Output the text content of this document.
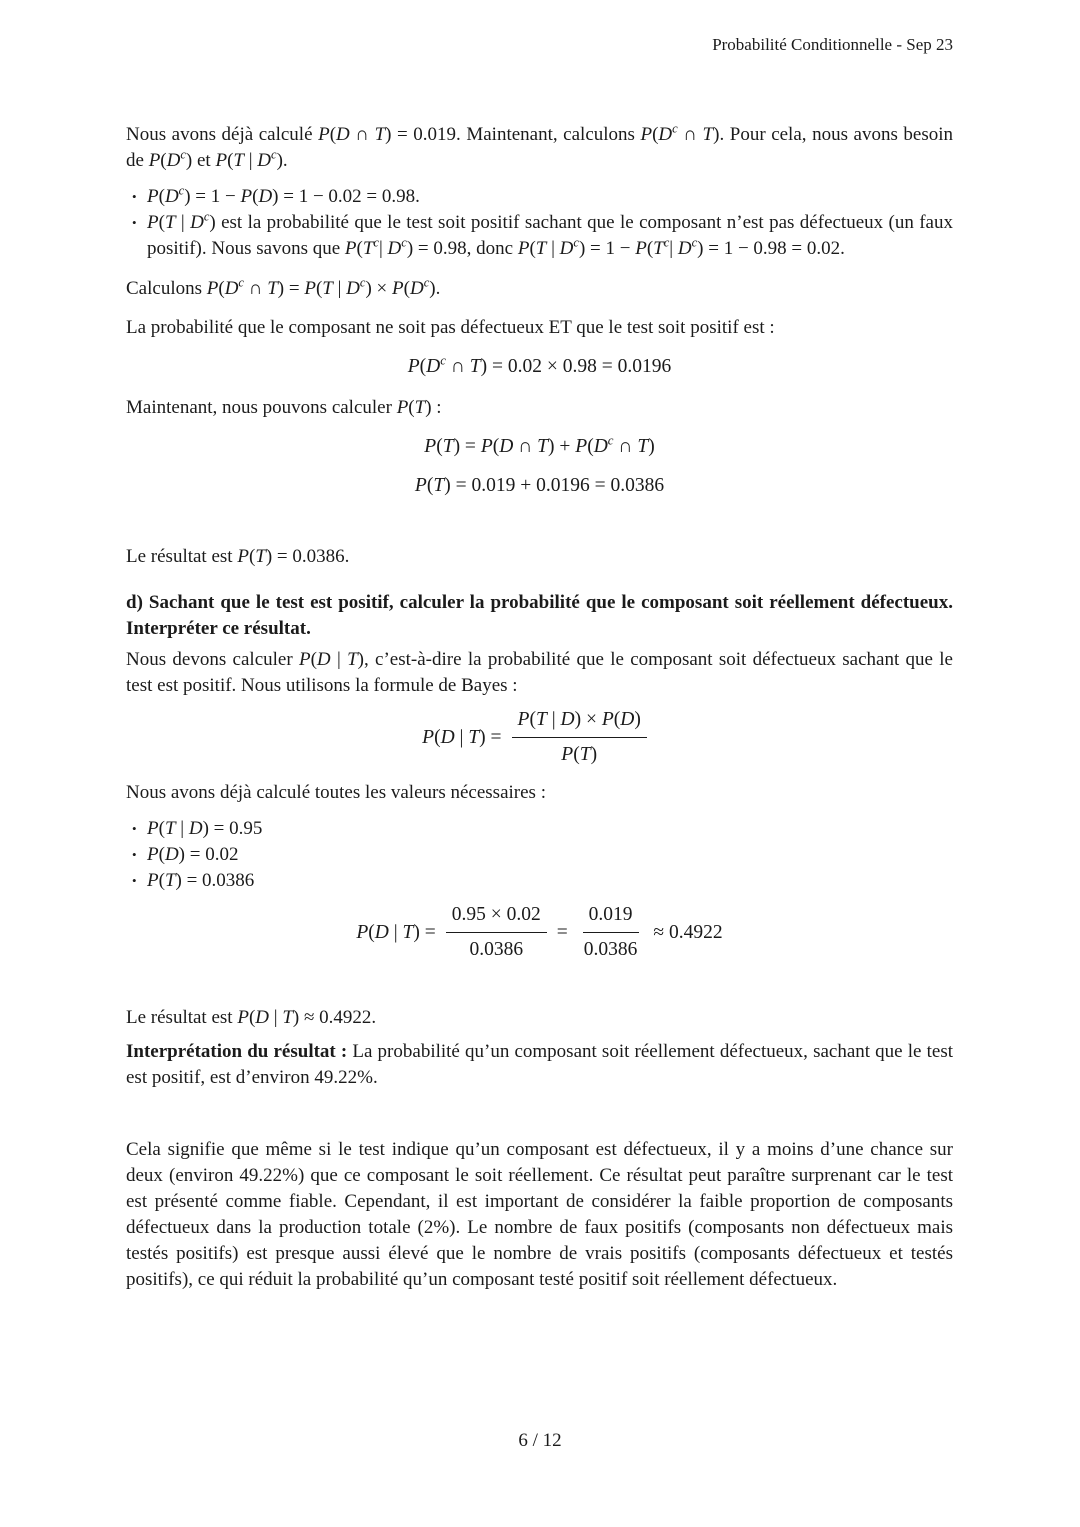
Probabilité Conditionnelle - Sep 23

Nous avons déjà calculé P(D ∩ T) = 0.019. Maintenant, calculons $P(D^c$ ∩ T). Pour cela, nous avons besoin de $P(D^c)$ et P(T | $D^c$).

• $P(D^c) = 1 - P(D) = 1 - 0.02 = 0.98$.
• P(T | $D^c$) est la probabilité que le test soit positif sachant que le composant n’est pas défectueux (un faux positif). Nous savons que $P(T^c|$ $D^c) = 0.98$, donc P(T | $D^c) = 1 - P(T^c|$ $D^c) = 1 - 0.98 = 0.02$.

Calculons $P(D^c$ ∩ T) = P(T | $D^c) \times P(D^c)$.

La probabilité que le composant ne soit pas défectueux ET que le test soit positif est :

$P(D^c$ ∩ T) = 0.02 × 0.98 = 0.0196

Maintenant, nous pouvons calculer P(T) :

P(T) = P(D ∩ $T) + P(D^c$ ∩ T)
P(T) = 0.019 + 0.0196 = 0.0386

Le résultat est P(T) = 0.0386.

d) Sachant que le test est positif, calculer la probabilité que le composant soit réellement défectueux. Interpréter ce résultat.

Nous devons calculer P(D | T), c’est-à-dire la probabilité que le composant soit défectueux sachant que le test est positif. Nous utilisons la formule de Bayes :

P(D | $T) = \frac{P(T | D) \times P(D)}{P(T)}$

Nous avons déjà calculé toutes les valeurs nécessaires :

• P(T | D) = 0.95
• P(D) = 0.02
• P(T) = 0.0386
P(D | $T) = \frac{0.95 \times 0.02}{0.0386} = \frac{0.019}{0.0386} \approx 0.4922$

Le résultat est P(D | T) ≈ 0.4922.

Interprétation du résultat : La probabilité qu’un composant soit réellement défectueux, sachant que le test est positif, est d’environ 49.22%.

Cela signifie que même si le test indique qu’un composant est défectueux, il y a moins d’une chance sur deux (environ 49.22%) que ce composant le soit réellement. Ce résultat peut paraître surprenant car le test est présenté comme fiable. Cependant, il est important de considérer la faible proportion de composants défectueux dans la production totale (2%). Le nombre de faux positifs (composants non défectueux mais testés positifs) est presque aussi élevé que le nombre de vrais positifs (composants défectueux et testés positifs), ce qui réduit la probabilité qu’un composant testé positif soit réellement défectueux.

6 / 12
